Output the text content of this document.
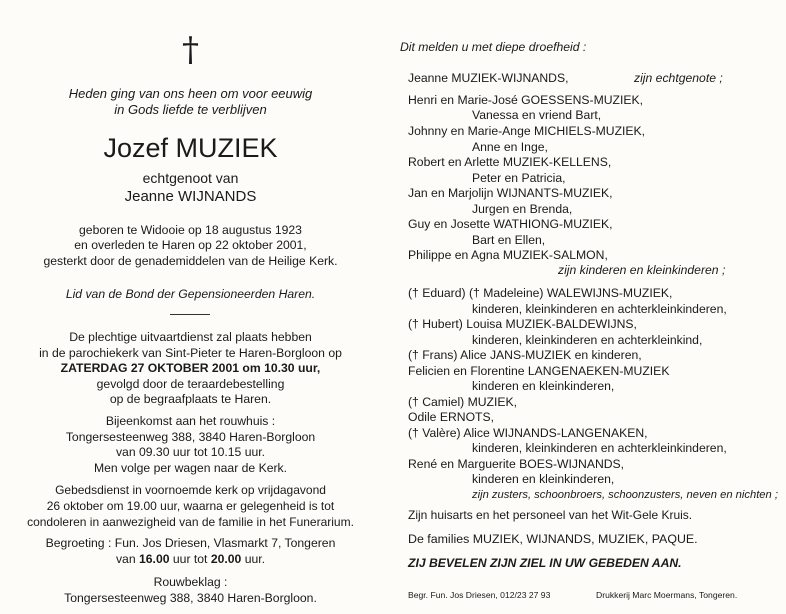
†
Heden ging van ons heen om voor eeuwig
in Gods liefde te verblijven
Jozef MUZIEK
echtgenoot van
Jeanne WIJNANDS
geboren te Widooie op 18 augustus 1923
en overleden te Haren op 22 oktober 2001,
gesterkt door de genademiddelen van de Heilige Kerk.
Lid van de Bond der Gepensioneerden Haren.
De plechtige uitvaartdienst zal plaats hebben
in de parochiekerk van Sint-Pieter te Haren-Borgloon op
ZATERDAG 27 OKTOBER 2001 om 10.30 uur,
gevolgd door de teraardebestelling
op de begraafplaats te Haren.
Bijeenkomst aan het rouwhuis :
Tongersesteenweg 388, 3840 Haren-Borgloon
van 09.30 uur tot 10.15 uur.
Men volge per wagen naar de Kerk.
Gebedsdienst in voornoemde kerk op vrijdagavond
26 oktober om 19.00 uur, waarna er gelegenheid is tot
condoleren in aanwezigheid van de familie in het Funerarium.
Begroeting : Fun. Jos Driesen, Vlasmarkt 7, Tongeren
van 16.00 uur tot 20.00 uur.
Rouwbeklag :
Tongersesteenweg 388, 3840 Haren-Borgloon.
Dit melden u met diepe droefheid :
Jeanne MUZIEK-WIJNANDS,	zijn echtgenote ;
Henri en Marie-José GOESSENS-MUZIEK,
Vanessa en vriend Bart,
Johnny en Marie-Ange MICHIELS-MUZIEK,
Anne en Inge,
Robert en Arlette MUZIEK-KELLENS,
Peter en Patricia,
Jan en Marjolijn WIJNANTS-MUZIEK,
Jurgen en Brenda,
Guy en Josette WATHIONG-MUZIEK,
Bart en Ellen,
Philippe en Agna MUZIEK-SALMON,
zijn kinderen en kleinkinderen ;
(† Eduard) († Madeleine) WALEWIJNS-MUZIEK,
kinderen, kleinkinderen en achterkleinkinderen,
(† Hubert) Louisa MUZIEK-BALDEWIJNS,
kinderen, kleinkinderen en achterkleinkind,
(† Frans) Alice JANS-MUZIEK en kinderen,
Felicien en Florentine LANGENAEKEN-MUZIEK
kinderen en kleinkinderen,
(† Camiel) MUZIEK,
Odile ERNOTS,
(† Valère) Alice WIJNANDS-LANGENAKEN,
kinderen, kleinkinderen en achterkleinkinderen,
René en Marguerite BOES-WIJNANDS,
kinderen en kleinkinderen,
zijn zusters, schoonbroers, schoonzusters, neven en nichten ;
Zijn huisarts en het personeel van het Wit-Gele Kruis.
De families MUZIEK, WIJNANDS, MUZIEK, PAQUE.
ZIJ BEVELEN ZIJN ZIEL IN UW GEBEDEN AAN.
Begr. Fun. Jos Driesen, 012/23 27 93	Drukkerij Marc Moermans, Tongeren.
